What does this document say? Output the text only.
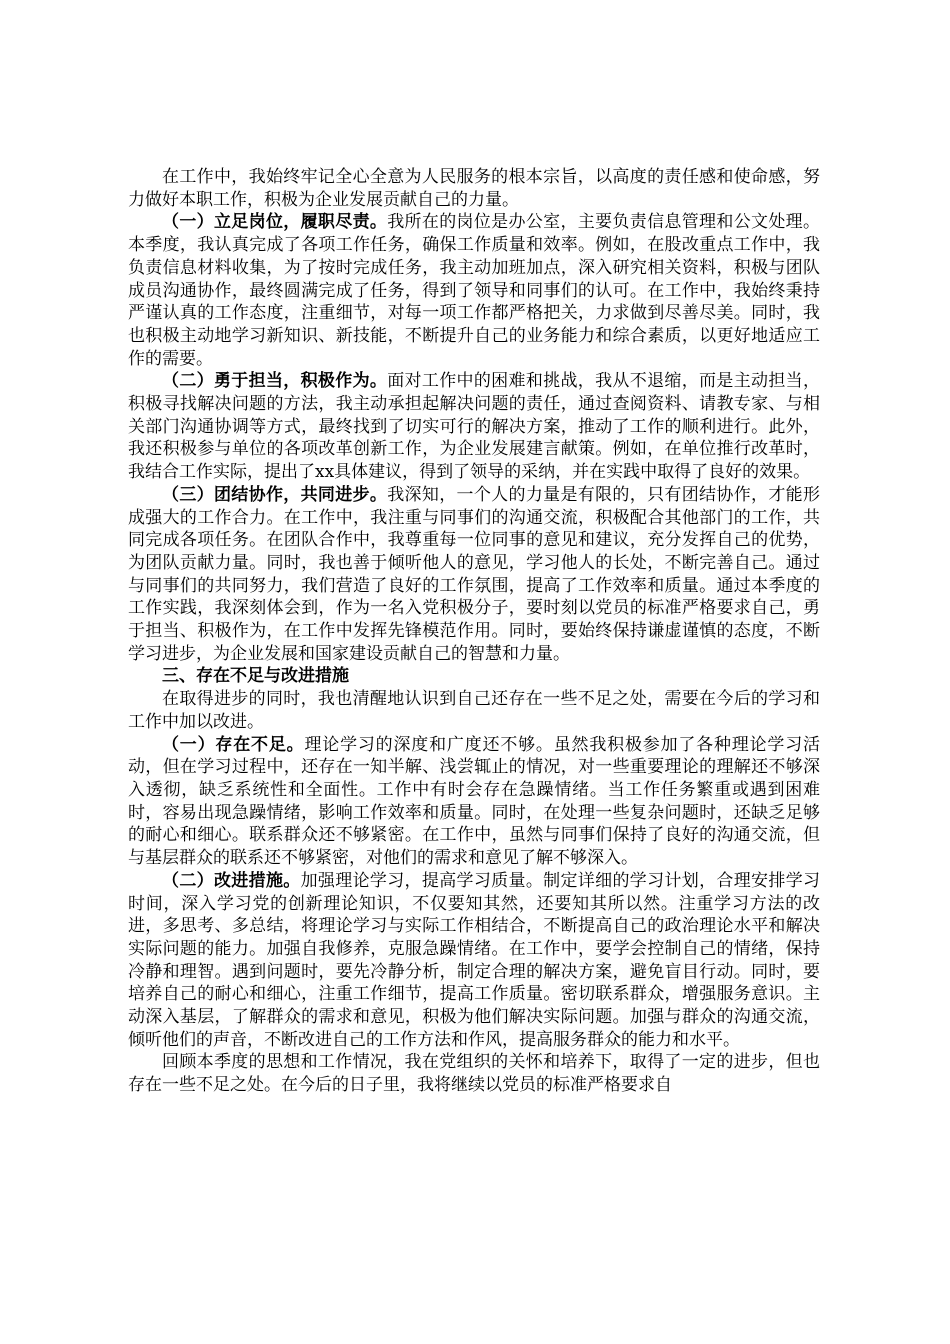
在工作中，我始终牢记全心全意为人民服务的根本宗旨，以高度的责任感和使命感，努力做好本职工作，积极为企业发展贡献自己的力量。

（一）立足岗位，履职尽责。我所在的岗位是办公室，主要负责信息管理和公文处理。本季度，我认真完成了各项工作任务，确保工作质量和效率。例如，在股改重点工作中，我负责信息材料收集，为了按时完成任务，我主动加班加点，深入研究相关资料，积极与团队成员沟通协作，最终圆满完成了任务，得到了领导和同事们的认可。在工作中，我始终秉持严谨认真的工作态度，注重细节，对每一项工作都严格把关，力求做到尽善尽美。同时，我也积极主动地学习新知识、新技能，不断提升自己的业务能力和综合素质，以更好地适应工作的需要。

（二）勇于担当，积极作为。面对工作中的困难和挑战，我从不退缩，而是主动担当，积极寻找解决问题的方法，我主动承担起解决问题的责任，通过查阅资料、请教专家、与相关部门沟通协调等方式，最终找到了切实可行的解决方案，推动了工作的顺利进行。此外，我还积极参与单位的各项改革创新工作，为企业发展建言献策。例如，在单位推行改革时，我结合工作实际，提出了xx具体建议，得到了领导的采纳，并在实践中取得了良好的效果。

（三）团结协作，共同进步。我深知，一个人的力量是有限的，只有团结协作，才能形成强大的工作合力。在工作中，我注重与同事们的沟通交流，积极配合其他部门的工作，共同完成各项任务。在团队合作中，我尊重每一位同事的意见和建议，充分发挥自己的优势，为团队贡献力量。同时，我也善于倾听他人的意见，学习他人的长处，不断完善自己。通过与同事们的共同努力，我们营造了良好的工作氛围，提高了工作效率和质量。通过本季度的工作实践，我深刻体会到，作为一名入党积极分子，要时刻以党员的标准严格要求自己，勇于担当、积极作为，在工作中发挥先锋模范作用。同时，要始终保持谦虚谨慎的态度，不断学习进步，为企业发展和国家建设贡献自己的智慧和力量。

三、存在不足与改进措施

在取得进步的同时，我也清醒地认识到自己还存在一些不足之处，需要在今后的学习和工作中加以改进。

（一）存在不足。理论学习的深度和广度还不够。虽然我积极参加了各种理论学习活动，但在学习过程中，还存在一知半解、浅尝辄止的情况，对一些重要理论的理解还不够深入透彻，缺乏系统性和全面性。工作中有时会存在急躁情绪。当工作任务繁重或遇到困难时，容易出现急躁情绪，影响工作效率和质量。同时，在处理一些复杂问题时，还缺乏足够的耐心和细心。联系群众还不够紧密。在工作中，虽然与同事们保持了良好的沟通交流，但与基层群众的联系还不够紧密，对他们的需求和意见了解不够深入。

（二）改进措施。加强理论学习，提高学习质量。制定详细的学习计划，合理安排学习时间，深入学习党的创新理论知识，不仅要知其然，还要知其所以然。注重学习方法的改进，多思考、多总结，将理论学习与实际工作相结合，不断提高自己的政治理论水平和解决实际问题的能力。加强自我修养，克服急躁情绪。在工作中，要学会控制自己的情绪，保持冷静和理智。遇到问题时，要先冷静分析，制定合理的解决方案，避免盲目行动。同时，要培养自己的耐心和细心，注重工作细节，提高工作质量。密切联系群众，增强服务意识。主动深入基层，了解群众的需求和意见，积极为他们解决实际问题。加强与群众的沟通交流，倾听他们的声音，不断改进自己的工作方法和作风，提高服务群众的能力和水平。

回顾本季度的思想和工作情况，我在党组织的关怀和培养下，取得了一定的进步，但也存在一些不足之处。在今后的日子里，我将继续以党员的标准严格要求自
